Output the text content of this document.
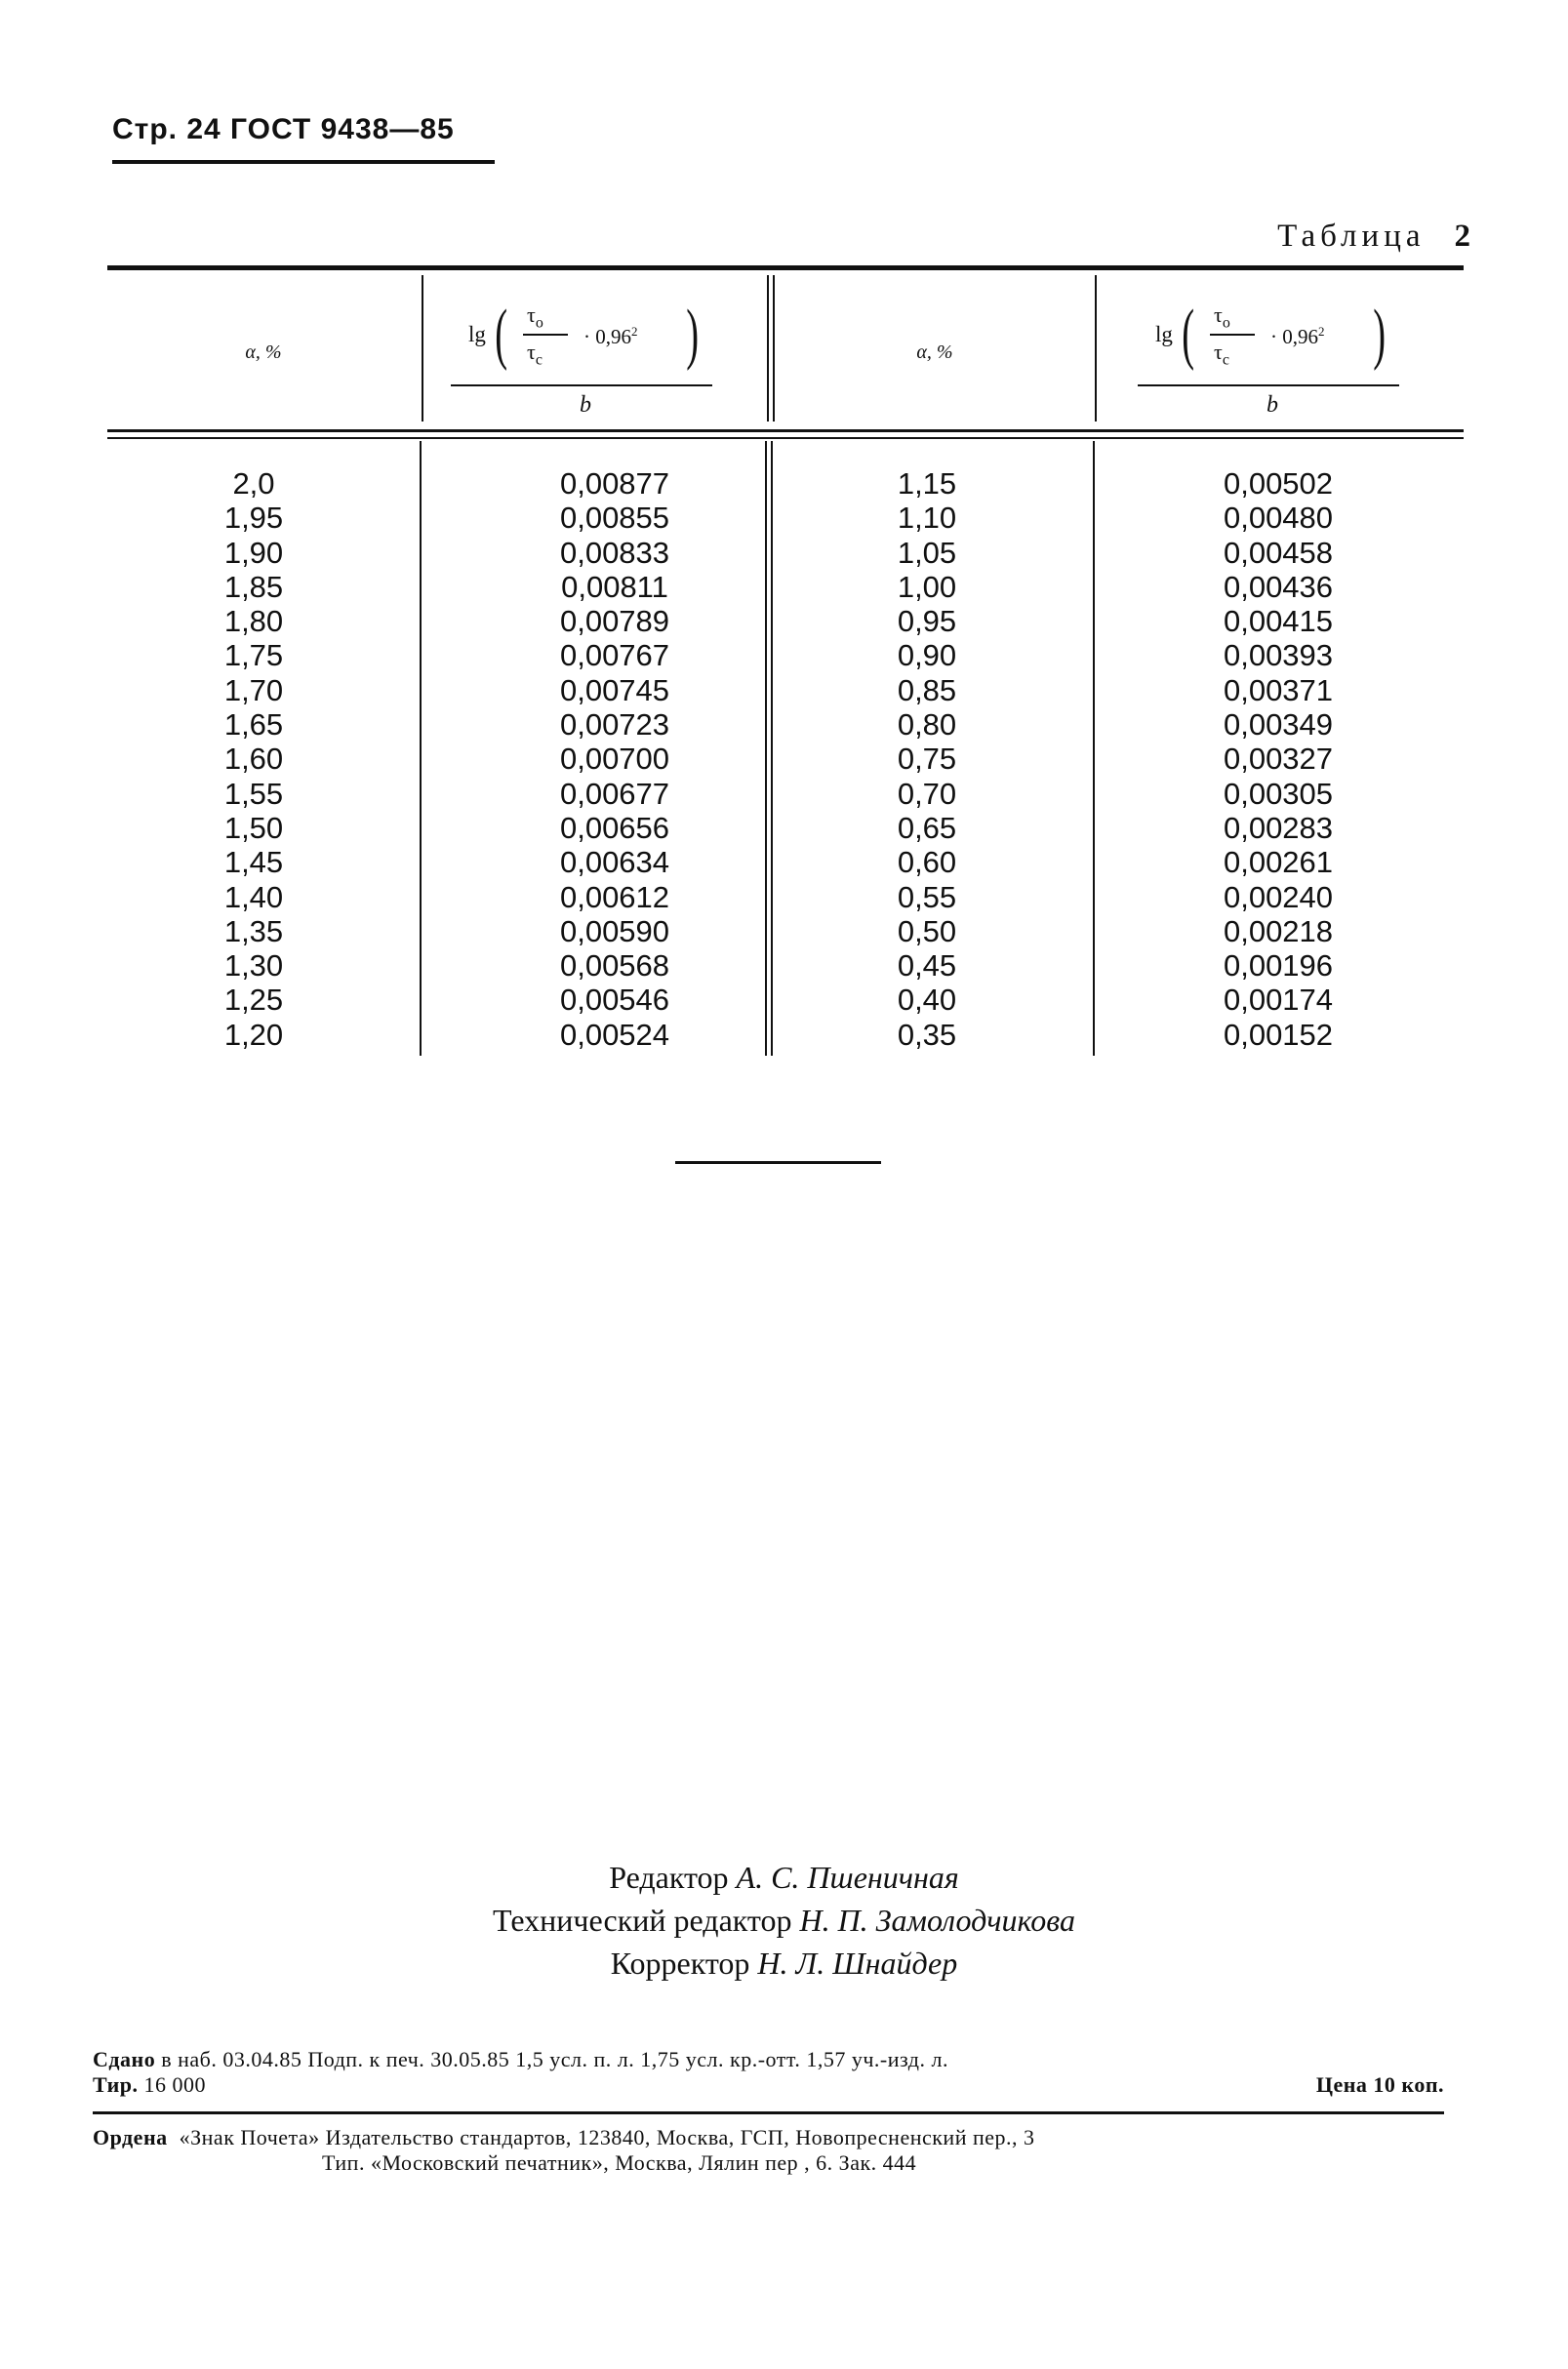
Стр. 24 ГОСТ 9438—85
Таблица 2
α, %	α, %
lg ( $\tau_o$
$\tau_c$
· $0,96^2$ )
b
lg ( $\tau_o$
$\tau_c$
· $0,96^2$ )
b
2,0
1,95
1,90
1,85
1,80
1,75
1,70
1,65
1,60
1,55
1,50
1,45
1,40
1,35
1,30
1,25
1,20
0,00877
0,00855
0,00833
0,00811
0,00789
0,00767
0,00745
0,00723
0,00700
0,00677
0,00656
0,00634
0,00612
0,00590
0,00568
0,00546
0,00524
1,15
1,10
1,05
1,00
0,95
0,90
0,85
0,80
0,75
0,70
0,65
0,60
0,55
0,50
0,45
0,40
0,35
0,00502
0,00480
0,00458
0,00436
0,00415
0,00393
0,00371
0,00349
0,00327
0,00305
0,00283
0,00261
0,00240
0,00218
0,00196
0,00174
0,00152
Редактор А. С. Пшеничная
Технический редактор Н. П. Замолодчикова
Корректор Н. Л. Шнайдер
Сдано в наб. 03.04.85 Подп. к печ. 30.05.85 1,5 усл. п. л. 1,75 усл. кр.-отт. 1,57 уч.-изд. л.
Тир. 16 000	Цена 10 коп.
Ордена  «Знак Почета» Издательство стандартов, 123840, Москва, ГСП, Новопресненский пер., 3
Тип. «Московский печатник», Москва, Лялин пер , 6. Зак. 444
